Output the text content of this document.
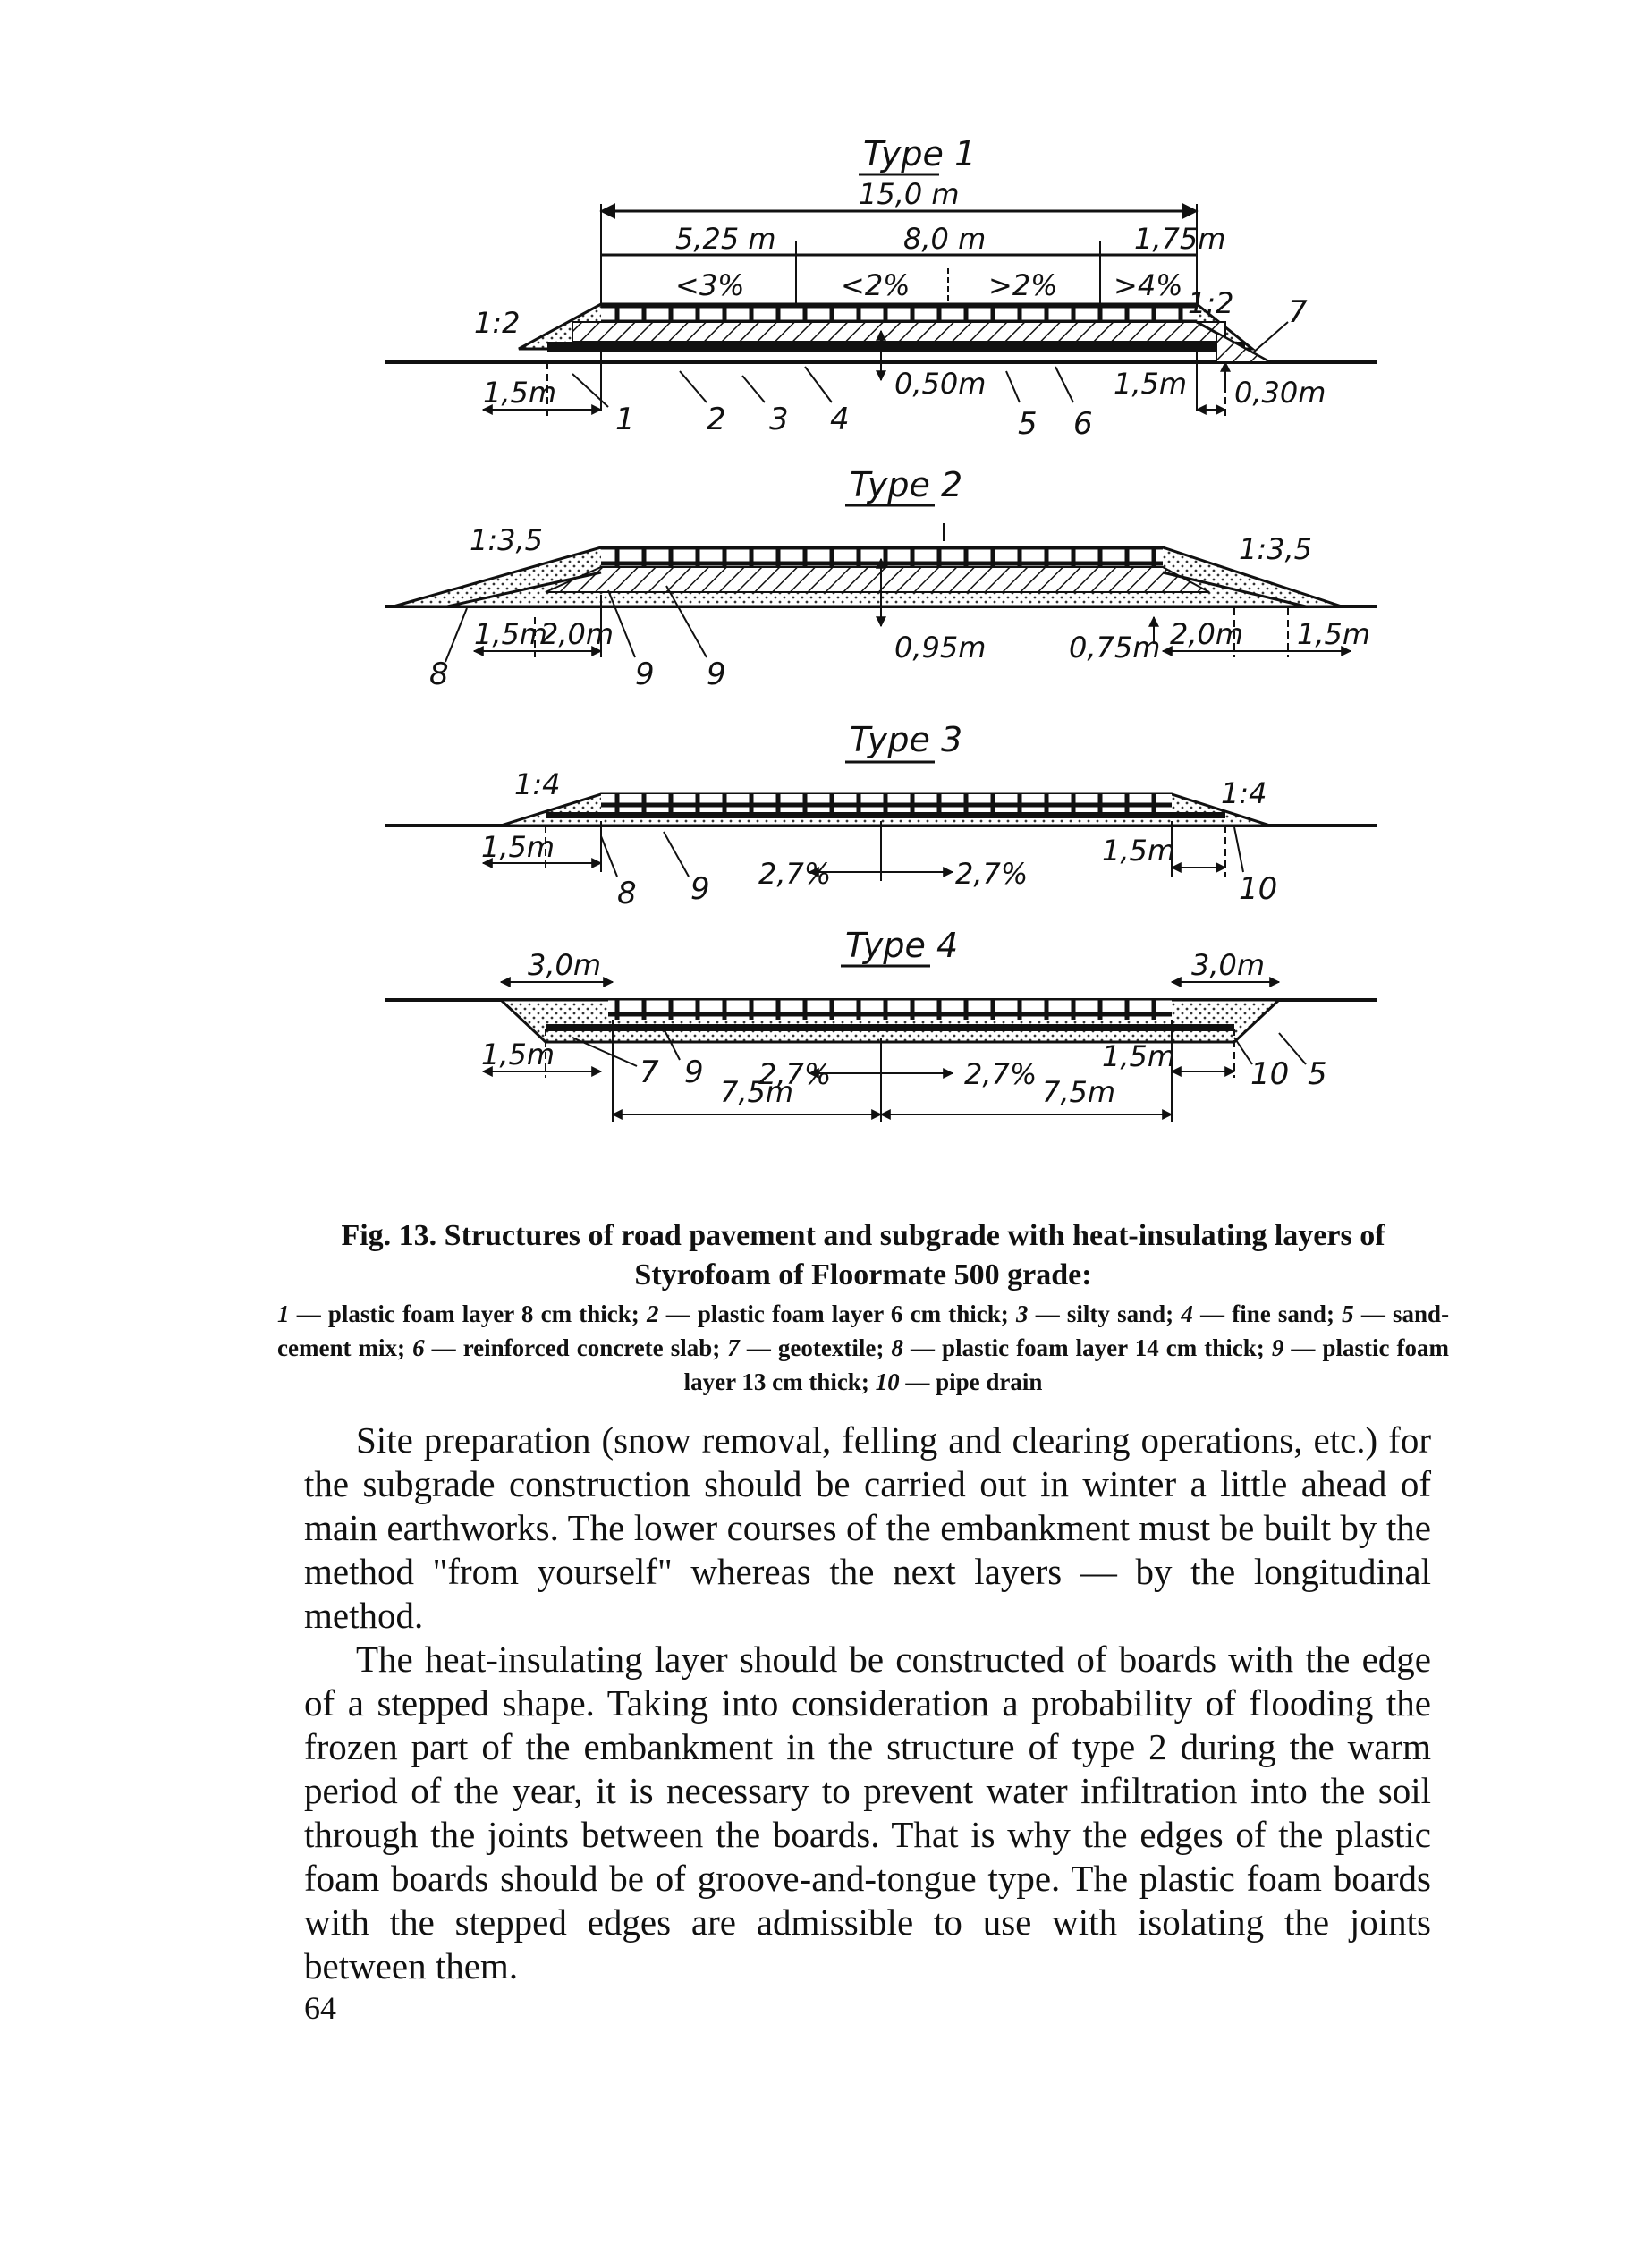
Type 1
15,0 m
5,25 m	8,0 m	1,75m
<3%	<2%	>2% >4%
1:2
1:2
1,5m	1,5m
0,50m	0,30m
1 2 3 4	5 6
7
Type 2
1:3,5	1:3,5
0,95m	0,75m
1,5m
2,0m	2,0m 1,5m
8	9 9
Type 3
1:4	1:4
1,5m	1,5m
2,7%	2,7%
8 9	10
Type 4
3,0m	3,0m
1,5m	1,5m
2,7%	2,7%
7,5m	7,5m
7 9	10 5
Fig. 13. Structures of road pavement and subgrade with heat-insulating layers of Styrofoam of Floormate 500 grade:
1 — plastic foam layer 8 cm thick; 2 — plastic foam layer 6 cm thick; 3 — silty sand; 4 — fine sand; 5 — sand-cement mix; 6 — reinforced concrete slab; 7 — geotextile; 8 — plastic foam layer 14 cm thick; 9 — plastic foam layer 13 cm thick; 10 — pipe drain

Site preparation (snow removal, felling and clearing operations, etc.) for the subgrade construction should be carried out in winter a little ahead of main earthworks. The lower courses of the embankment must be built by the method "from yourself" whereas the next layers — by the longitudinal method.

The heat-insulating layer should be constructed of boards with the edge of a stepped shape. Taking into consideration a probability of flooding the frozen part of the embankment in the structure of type 2 during the warm period of the year, it is necessary to prevent water infiltration into the soil through the joints between the boards. That is why the edges of the plastic foam boards should be of groove-and-tongue type. The plastic foam boards with the stepped edges are admissible to use with isolating the joints between them.

64
